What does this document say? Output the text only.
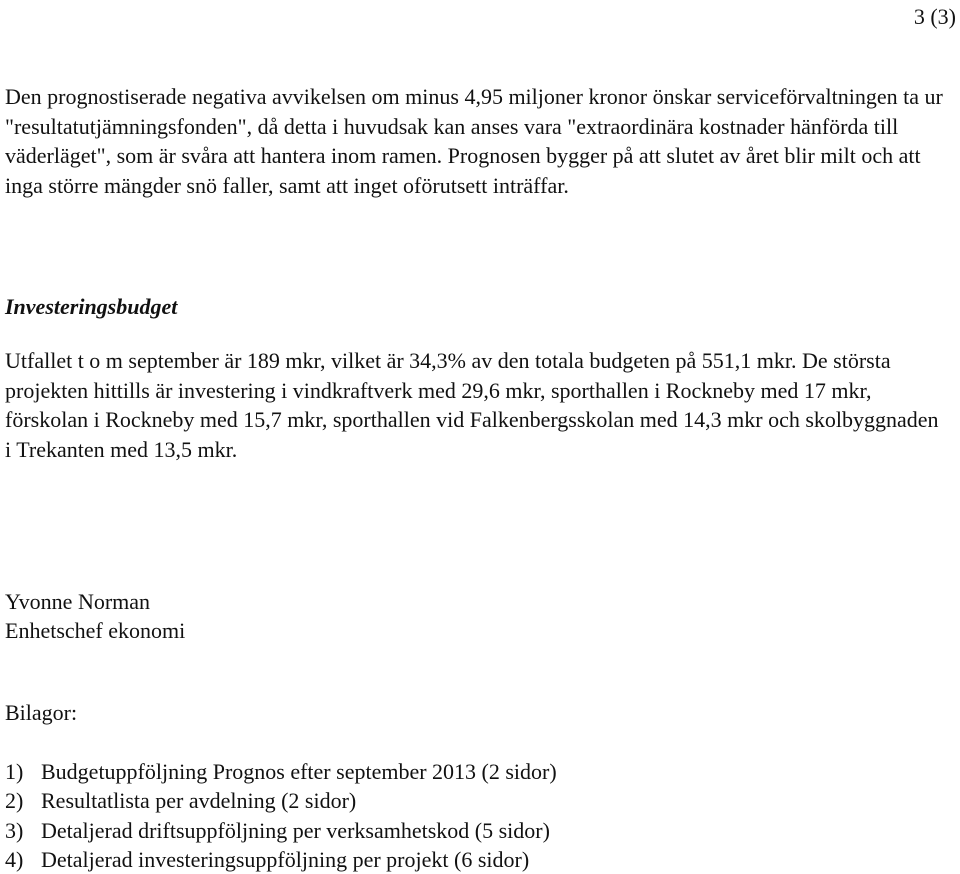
3 (3)

Den prognostiserade negativa avvikelsen om minus 4,95 miljoner kronor önskar serviceförvaltningen ta ur "resultatutjämningsfonden", då detta i huvudsak kan anses vara "extraordinära kostnader hänförda till väderläget", som är svåra att hantera inom ramen. Prognosen bygger på att slutet av året blir milt och att inga större mängder snö faller, samt att inget oförutsett inträffar.

Investeringsbudget

Utfallet t o m september är 189 mkr, vilket är 34,3% av den totala budgeten på 551,1 mkr. De största projekten hittills är investering i vindkraftverk med 29,6 mkr, sporthallen i Rockneby med 17 mkr, förskolan i Rockneby med 15,7 mkr, sporthallen vid Falkenbergsskolan med 14,3 mkr och skolbyggnaden i Trekanten med 13,5 mkr.

Yvonne Norman
Enhetschef ekonomi
Bilagor:
1) Budgetuppföljning Prognos efter september 2013 (2 sidor)
2) Resultatlista per avdelning (2 sidor)
3) Detaljerad driftsuppföljning per verksamhetskod (5 sidor)
4) Detaljerad investeringsuppföljning per projekt (6 sidor)
